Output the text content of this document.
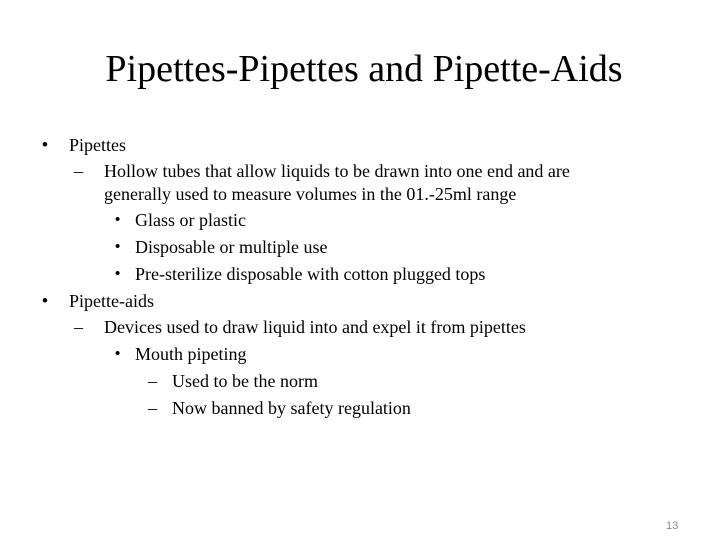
Pipettes-Pipettes and Pipette-Aids
• Pipettes
– Hollow tubes that allow liquids to be drawn into one end and are
generally used to measure volumes in the 01.-25ml range
• Glass or plastic
• Disposable or multiple use
• Pre-sterilize disposable with cotton plugged tops
• Pipette-aids
– Devices used to draw liquid into and expel it from pipettes
• Mouth pipeting
– Used to be the norm
– Now banned by safety regulation
13
